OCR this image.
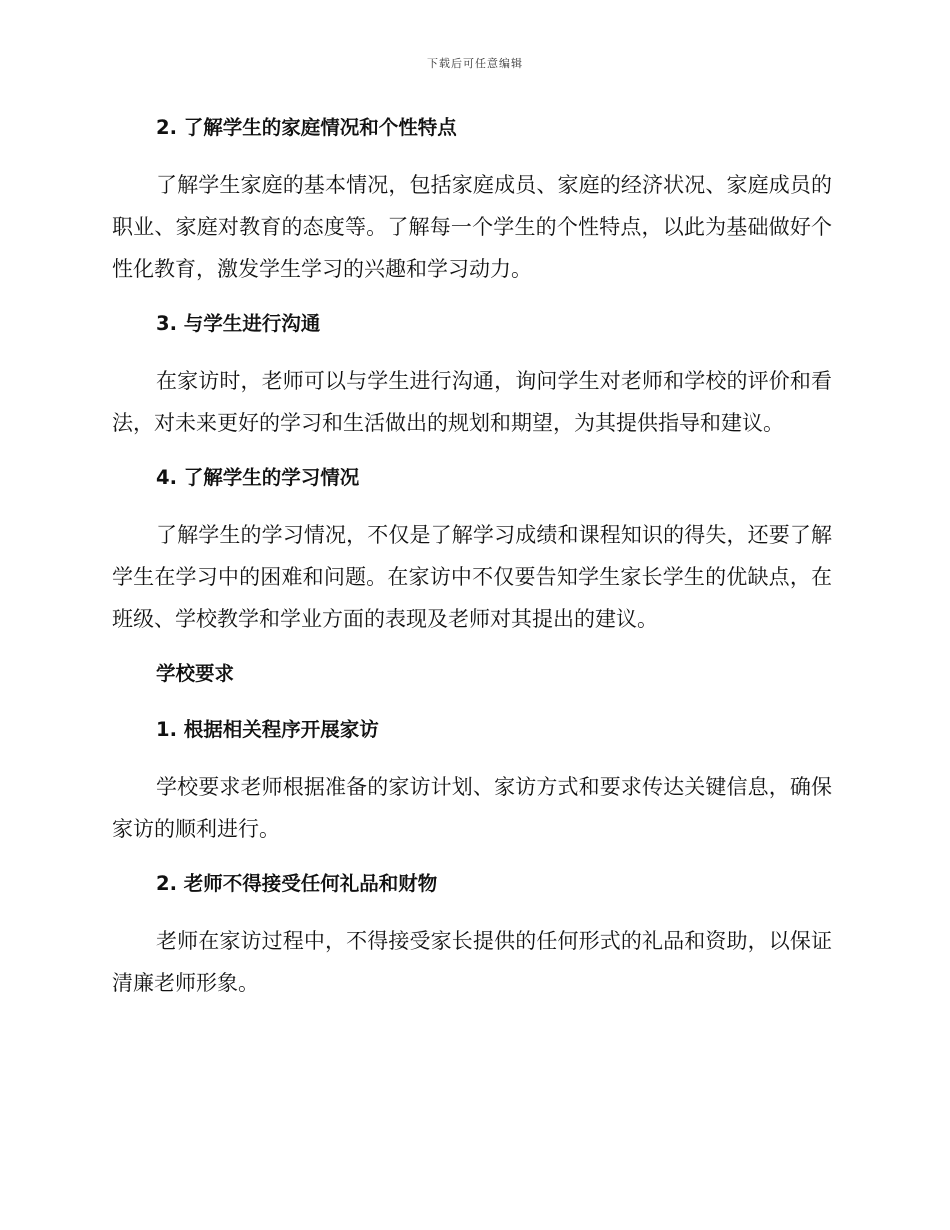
下载后可任意编辑
2. 了解学生的家庭情况和个性特点

了解学生家庭的基本情况，包括家庭成员、家庭的经济状况、家庭成员的职业、家庭对教育的态度等。了解每一个学生的个性特点，以此为基础做好个性化教育，激发学生学习的兴趣和学习动力。

3. 与学生进行沟通

在家访时，老师可以与学生进行沟通，询问学生对老师和学校的评价和看法，对未来更好的学习和生活做出的规划和期望，为其提供指导和建议。

4. 了解学生的学习情况

了解学生的学习情况，不仅是了解学习成绩和课程知识的得失，还要了解学生在学习中的困难和问题。在家访中不仅要告知学生家长学生的优缺点，在班级、学校教学和学业方面的表现及老师对其提出的建议。

学校要求
1. 根据相关程序开展家访

学校要求老师根据准备的家访计划、家访方式和要求传达关键信息，确保家访的顺利进行。

2. 老师不得接受任何礼品和财物

老师在家访过程中，不得接受家长提供的任何形式的礼品和资助，以保证清廉老师形象。
